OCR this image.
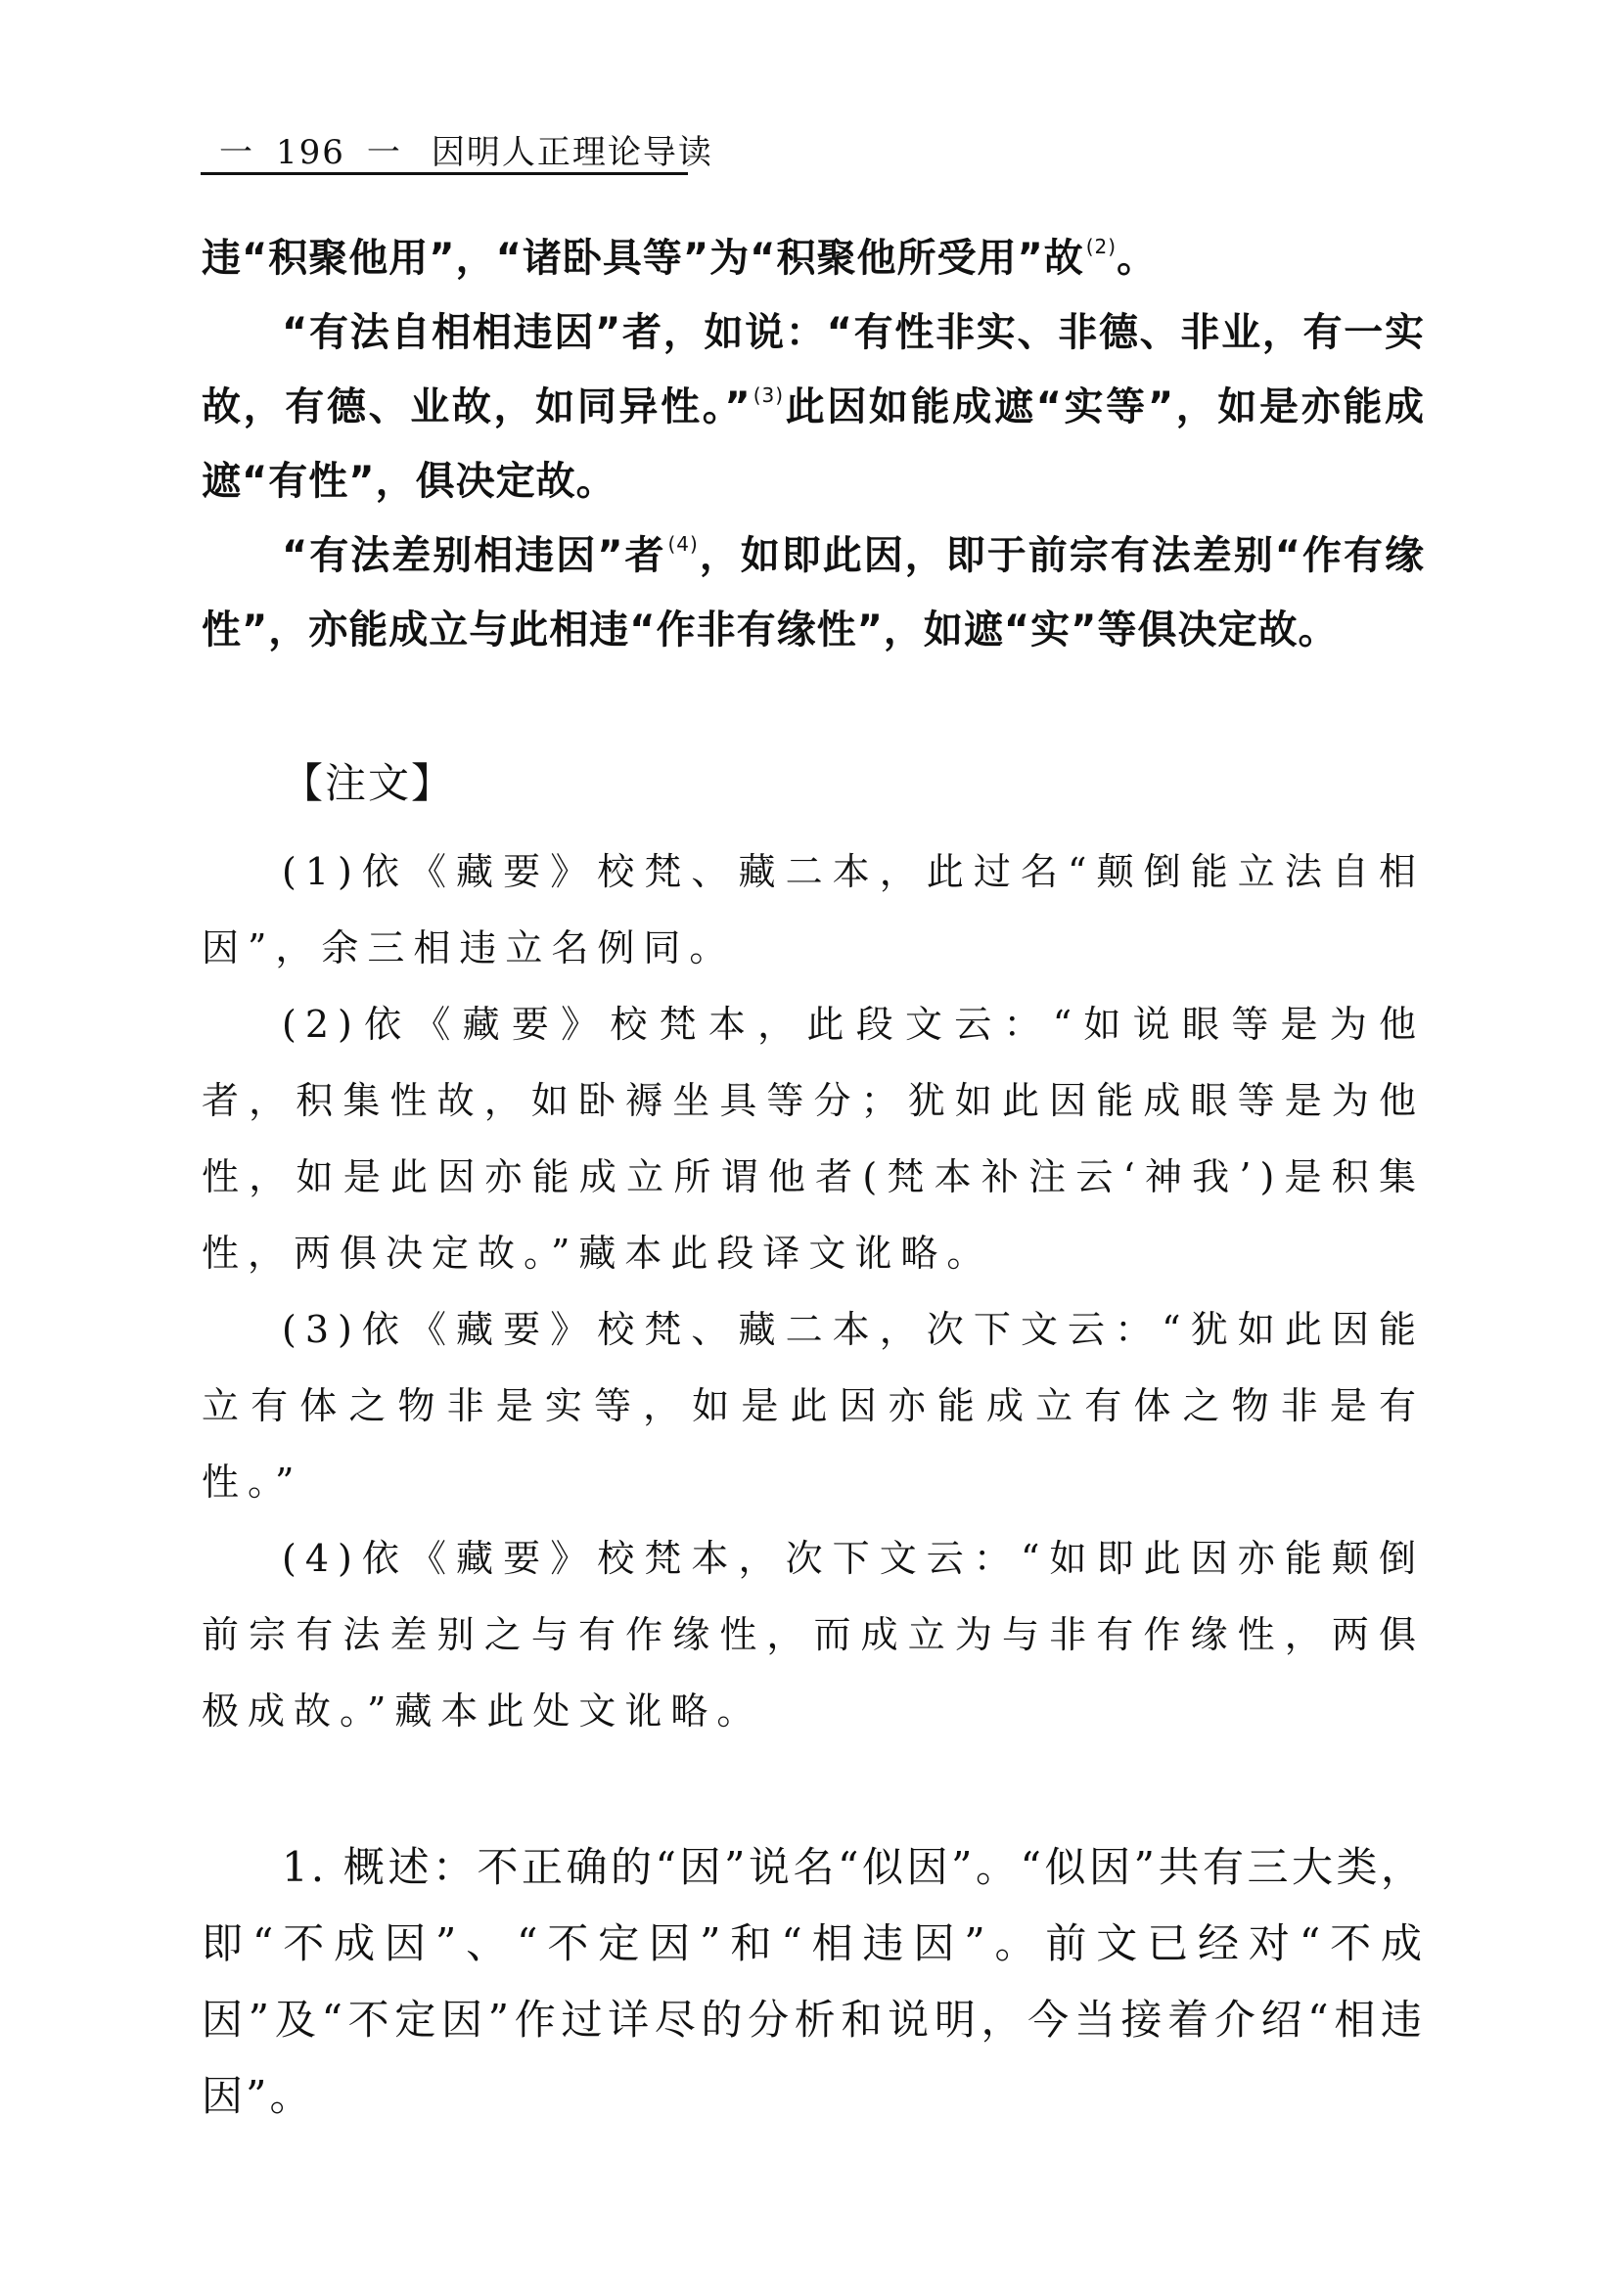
一 196 一 因明人正理论导读

违“积聚他用”，“诸卧具等”为“积聚他所受用”故 $^{(2)}$。

“有法自相相违因”者，如说：“有性非实、非德、非业，有一实故，有德、业故，如同异性。” $^{(3)}$此因如能成遮“实等”，如是亦能成遮“有性”，俱决定故。

“有法差别相违因”者 $^{(4)}$，如即此因，即于前宗有法差别“作有缘性”，亦能成立与此相违“作非有缘性”，如遮“实”等俱决定故。

【注文】

(1)依《藏要》校梵、藏二本，此过名“颠倒能立法自相因”，余三相违立名例同。

(2)依《藏要》校梵本，此段文云：“如说眼等是为他者，积集性故，如卧褥坐具等分；犹如此因能成眼等是为他性，如是此因亦能成立所谓他者(梵本补注云‘神我’)是积集性，两俱决定故。”藏本此段译文讹略。

(3)依《藏要》校梵、藏二本，次下文云：“犹如此因能立有体之物非是实等，如是此因亦能成立有体之物非是有性。”

(4)依《藏要》校梵本，次下文云：“如即此因亦能颠倒前宗有法差别之与有作缘性，而成立为与非有作缘性，两俱极成故。”藏本此处文讹略。

1. 概述：不正确的“因”说名“似因”。“似因”共有三大类，即“不成因”、“不定因”和“相违因”。前文已经对“不成因”及“不定因”作过详尽的分析和说明，今当接着介绍“相违因”。
